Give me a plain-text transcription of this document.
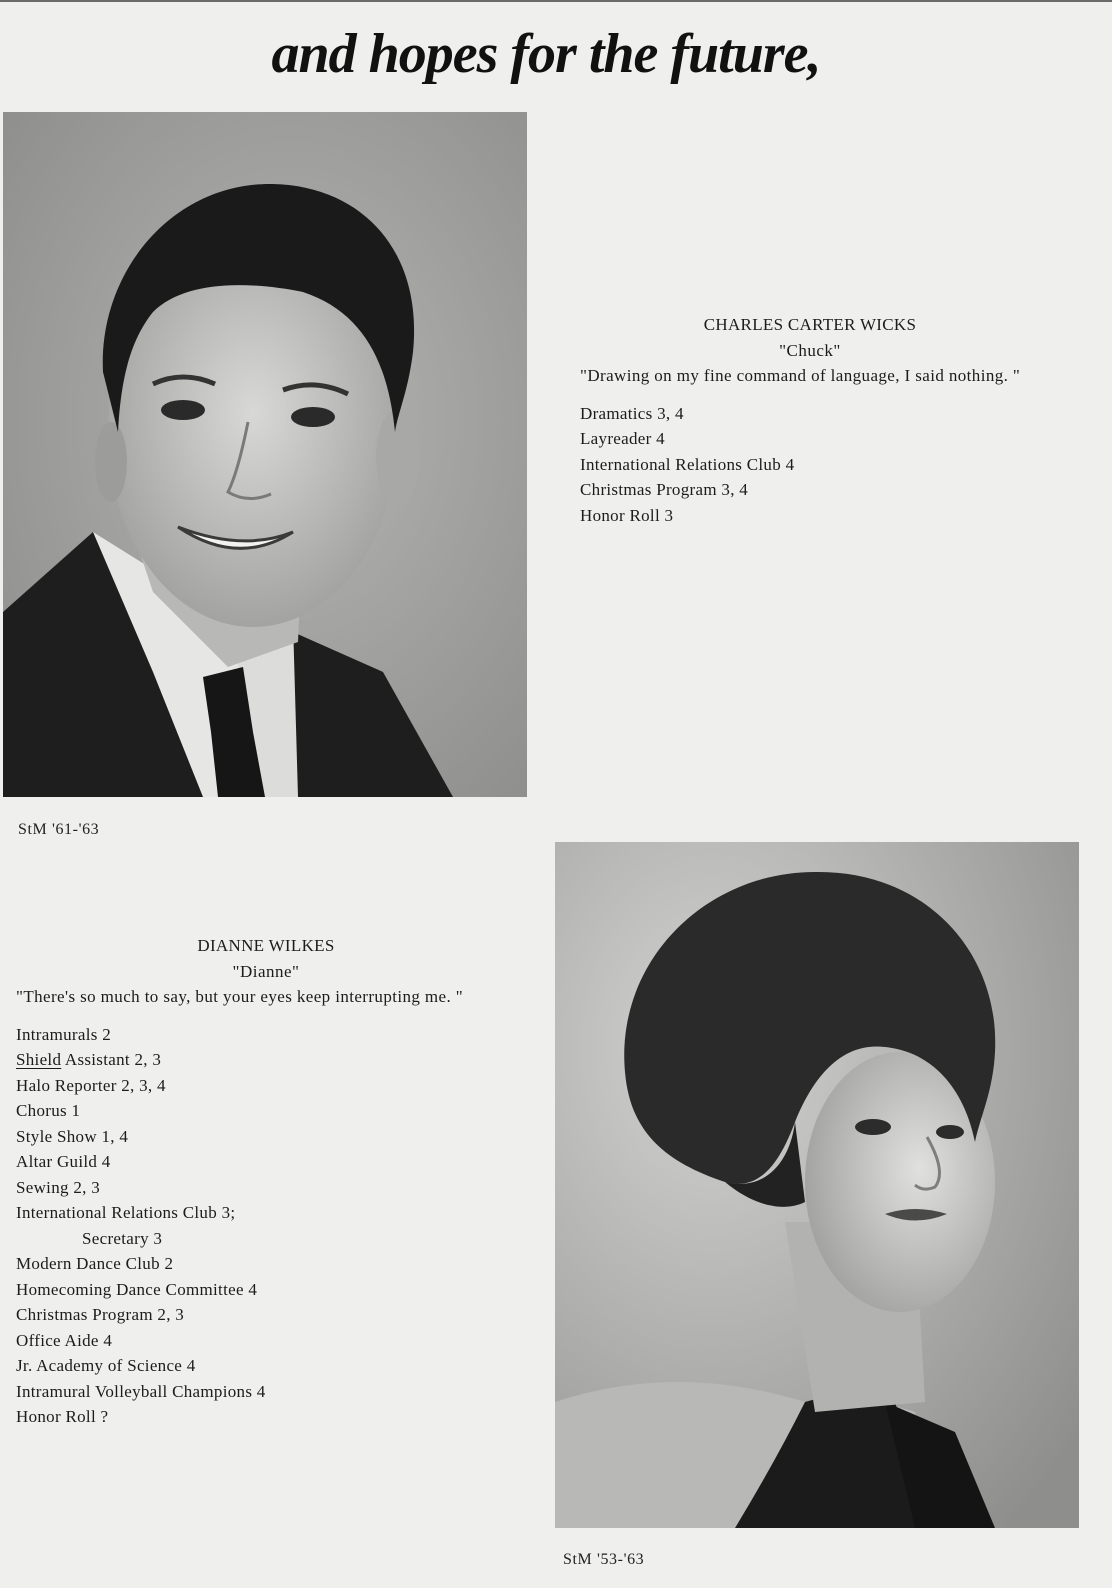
and hopes for the future,
StM '61-'63
CHARLES CARTER WICKS
"Chuck"
"Drawing on my fine command of language, I said nothing. "
Dramatics 3, 4
Layreader 4
International Relations Club 4
Christmas Program 3, 4
Honor Roll 3
DIANNE WILKES
"Dianne"
"There's so much to say, but your eyes keep interrupting me. "
Intramurals 2
Shield Assistant 2, 3
Halo Reporter 2, 3, 4
Chorus 1
Style Show 1, 4
Altar Guild 4
Sewing 2, 3
International Relations Club 3;
Secretary 3
Modern Dance Club 2
Homecoming Dance Committee 4
Christmas Program 2, 3
Office Aide 4
Jr. Academy of Science 4
Intramural Volleyball Champions 4
Honor Roll ?
StM '53-'63
